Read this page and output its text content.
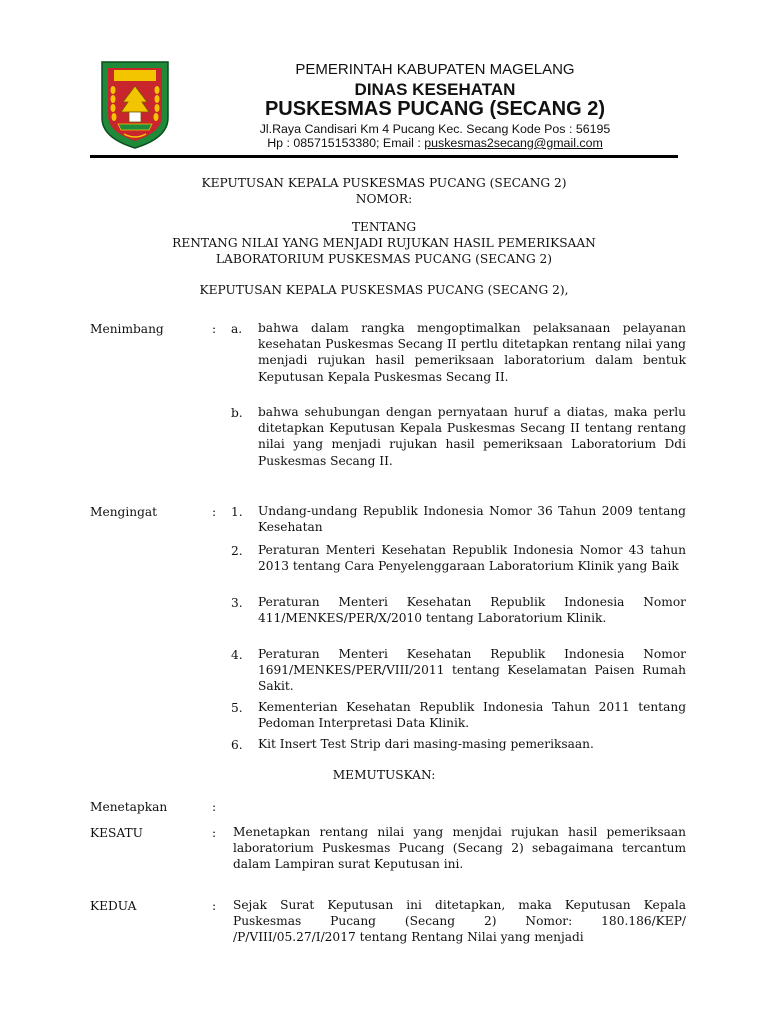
PEMERINTAH KABUPATEN MAGELANG
DINAS KESEHATAN
PUSKESMAS PUCANG (SECANG 2)
Jl.Raya Candisari Km 4 Pucang Kec. Secang Kode Pos : 56195
Hp : 085715153380; Email : puskesmas2secang@gmail.com
KEPUTUSAN KEPALA PUSKESMAS PUCANG (SECANG 2)
NOMOR:
TENTANG
RENTANG NILAI YANG MENJADI RUJUKAN HASIL PEMERIKSAAN
LABORATORIUM PUSKESMAS PUCANG (SECANG 2)
KEPUTUSAN KEPALA PUSKESMAS PUCANG (SECANG 2),
Menimbang	: a. bahwa dalam rangka mengoptimalkan pelaksanaan pelayanan kesehatan Puskesmas Secang II pertlu ditetapkan rentang nilai yang menjadi rujukan hasil pemeriksaan laboratorium dalam bentuk Keputusan Kepala Puskesmas Secang II.
b. bahwa sehubungan dengan pernyataan huruf a diatas, maka perlu ditetapkan Keputusan Kepala Puskesmas Secang II tentang rentang nilai yang menjadi rujukan hasil pemeriksaan Laboratorium Ddi Puskesmas Secang II.
Mengingat	: 1. Undang-undang Republik Indonesia Nomor 36 Tahun 2009 tentang Kesehatan
2. Peraturan Menteri Kesehatan Republik Indonesia Nomor 43 tahun 2013 tentang Cara Penyelenggaraan Laboratorium Klinik yang Baik
3. Peraturan Menteri Kesehatan Republik Indonesia Nomor 411/MENKES/PER/X/2010 tentang Laboratorium Klinik.
4. Peraturan Menteri Kesehatan Republik Indonesia Nomor 1691/MENKES/PER/VIII/2011 tentang Keselamatan Paisen Rumah Sakit.
5. Kementerian Kesehatan Republik Indonesia Tahun 2011 tentang Pedoman Interpretasi Data Klinik.
6. Kit Insert Test Strip dari masing-masing pemeriksaan.
MEMUTUSKAN:
Menetapkan	:
KESATU	: Menetapkan rentang nilai yang menjdai rujukan hasil pemeriksaan laboratorium Puskesmas Pucang (Secang 2) sebagaimana tercantum dalam Lampiran surat Keputusan ini.
KEDUA	: Sejak Surat Keputusan ini ditetapkan, maka Keputusan Kepala Puskesmas Pucang (Secang 2) Nomor: 180.186/KEP/ /P/VIII/05.27/I/2017 tentang Rentang Nilai yang menjadi
